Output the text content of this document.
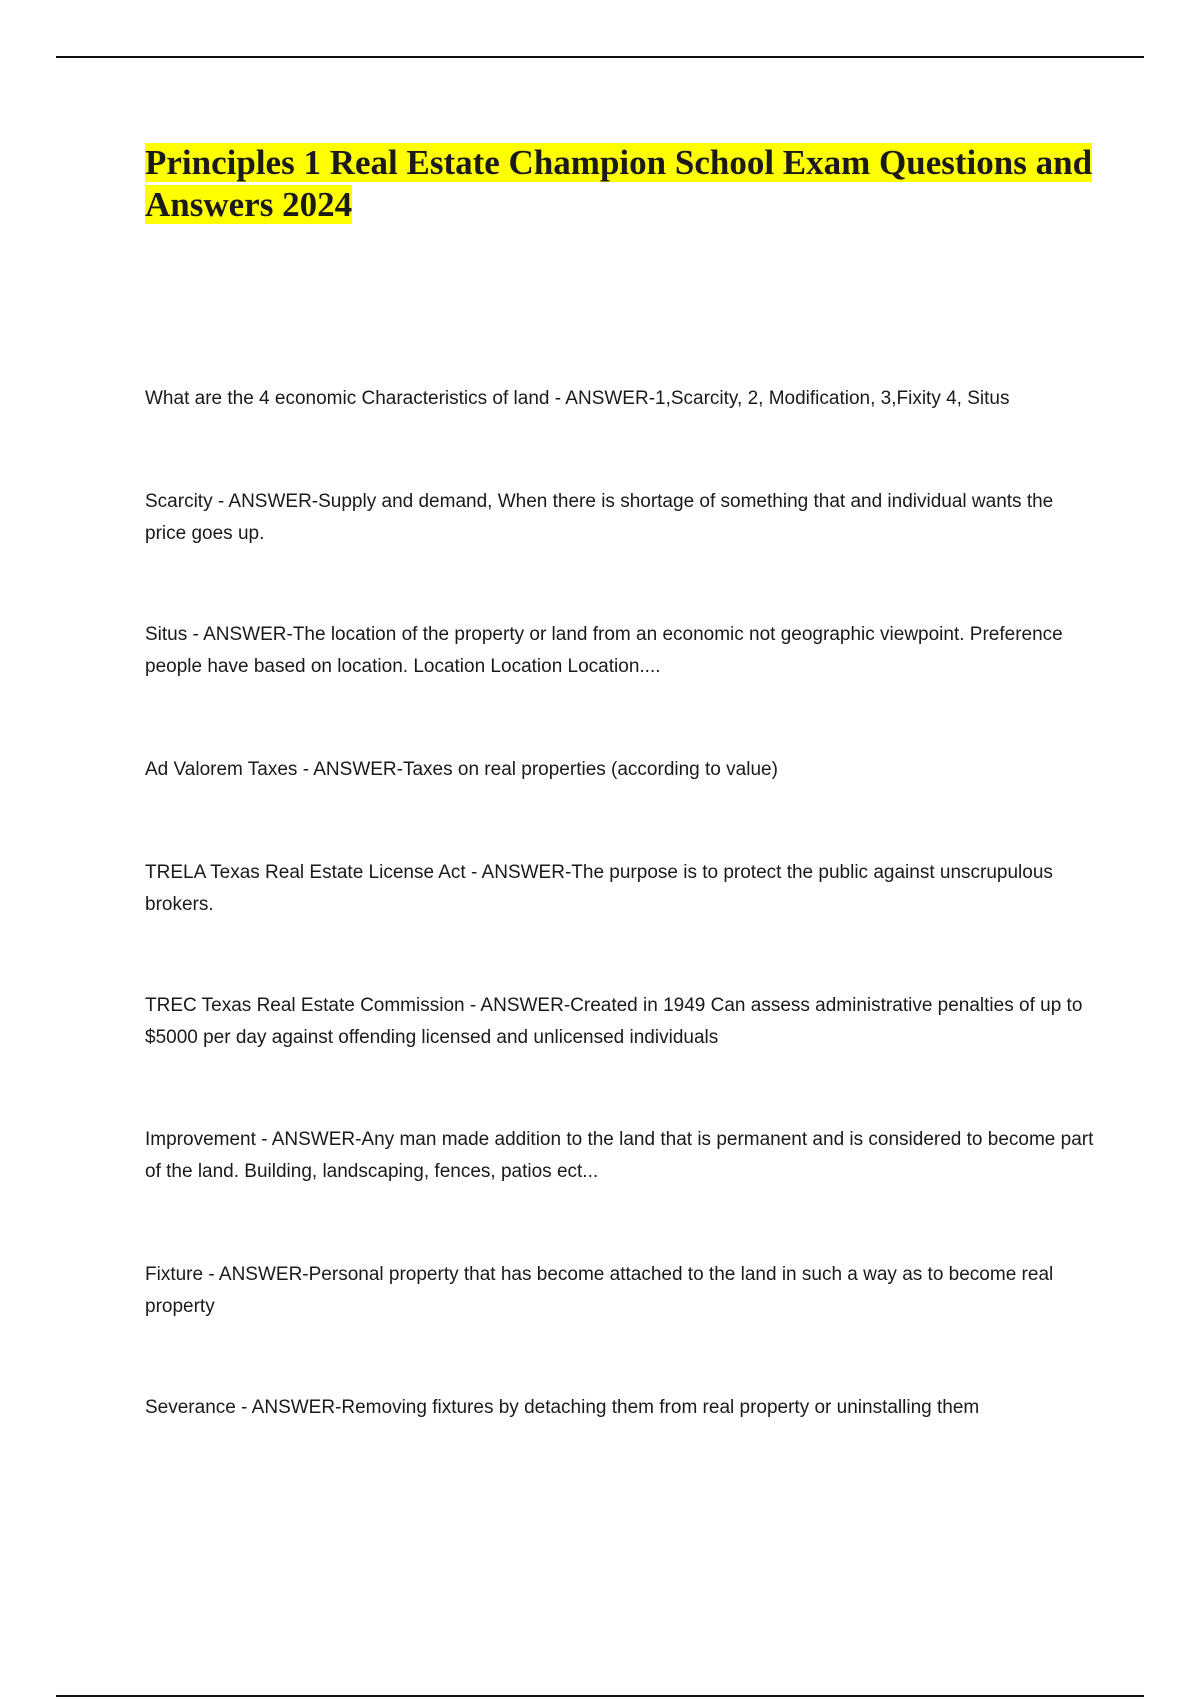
Principles 1 Real Estate Champion School Exam Questions and Answers 2024
What are the 4 economic Characteristics of land - ANSWER-1,Scarcity, 2, Modification, 3,Fixity 4, Situs
Scarcity - ANSWER-Supply and demand, When there is shortage of something that and individual wants the price goes up.
Situs - ANSWER-The location of the property or land from an economic not geographic viewpoint. Preference people have based on location. Location Location Location....
Ad Valorem Taxes - ANSWER-Taxes on real properties (according to value)
TRELA Texas Real Estate License Act - ANSWER-The purpose is to protect the public against unscrupulous brokers.
TREC Texas Real Estate Commission - ANSWER-Created in 1949 Can assess administrative penalties of up to $5000 per day against offending licensed and unlicensed individuals
Improvement - ANSWER-Any man made addition to the land that is permanent and is considered to become part of the land. Building, landscaping, fences, patios ect...
Fixture - ANSWER-Personal property that has become attached to the land in such a way as to become real property
Severance - ANSWER-Removing fixtures by detaching them from real property or uninstalling them
